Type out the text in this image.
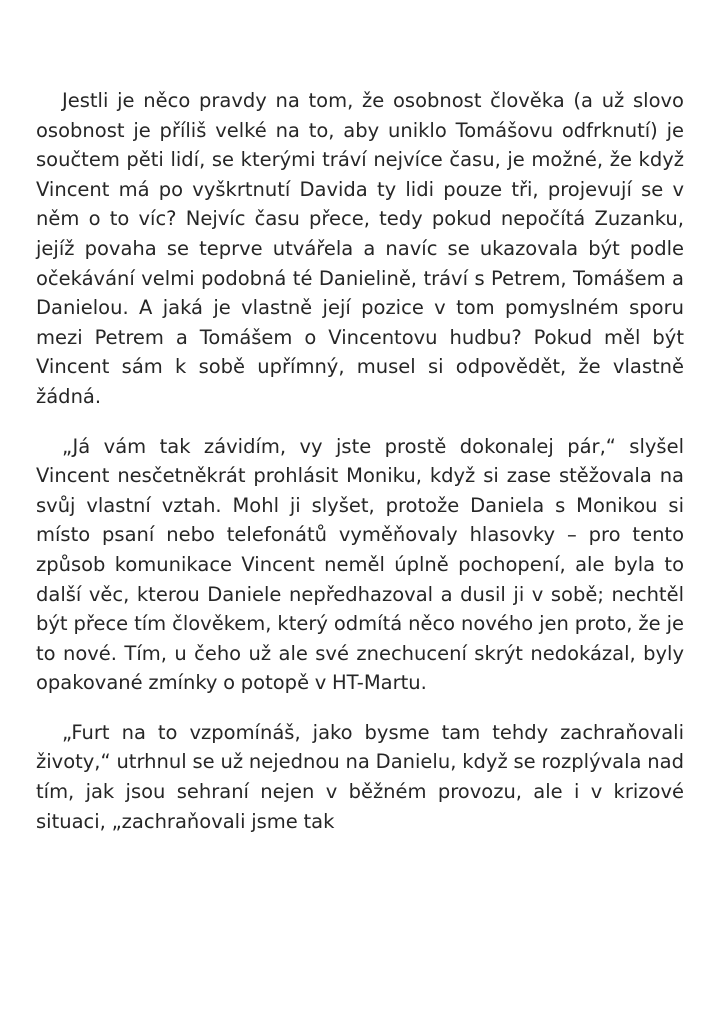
Jestli je něco pravdy na tom, že osobnost člověka (a už slovo osobnost je příliš velké na to, aby uniklo Tomášovu odfrknutí) je součtem pěti lidí, se kterými tráví nejvíce času, je možné, že když Vincent má po vyškrtnutí Davida ty lidi pouze tři, projevují se v něm o to víc? Nejvíc času přece, tedy pokud nepočítá Zuzanku, jejíž povaha se teprve utvářela a navíc se ukazovala být podle očekávání velmi podobná té Danielině, tráví s Petrem, Tomášem a Danielou. A jaká je vlastně její pozice v tom pomyslném sporu mezi Petrem a Tomášem o Vincentovu hudbu? Pokud měl být Vincent sám k sobě upřímný, musel si odpovědět, že vlastně žádná.

„Já vám tak závidím, vy jste prostě dokonalej pár,“ slyšel Vincent nesčetněkrát prohlásit Moniku, když si zase stěžovala na svůj vlastní vztah. Mohl ji slyšet, protože Daniela s Monikou si místo psaní nebo telefonátů vyměňovaly hlasovky – pro tento způsob komunikace Vincent neměl úplně pochopení, ale byla to další věc, kterou Daniele nepředhazoval a dusil ji v sobě; nechtěl být přece tím člověkem, který odmítá něco nového jen proto, že je to nové. Tím, u čeho už ale své znechucení skrýt nedokázal, byly opakované zmínky o potopě v HT-Martu.

„Furt na to vzpomínáš, jako bysme tam tehdy zachraňovali životy,“ utrhnul se už nejednou na Danielu, když se rozplývala nad tím, jak jsou sehraní nejen v běžném provozu, ale i v krizové situaci, „zachraňovali jsme tak
